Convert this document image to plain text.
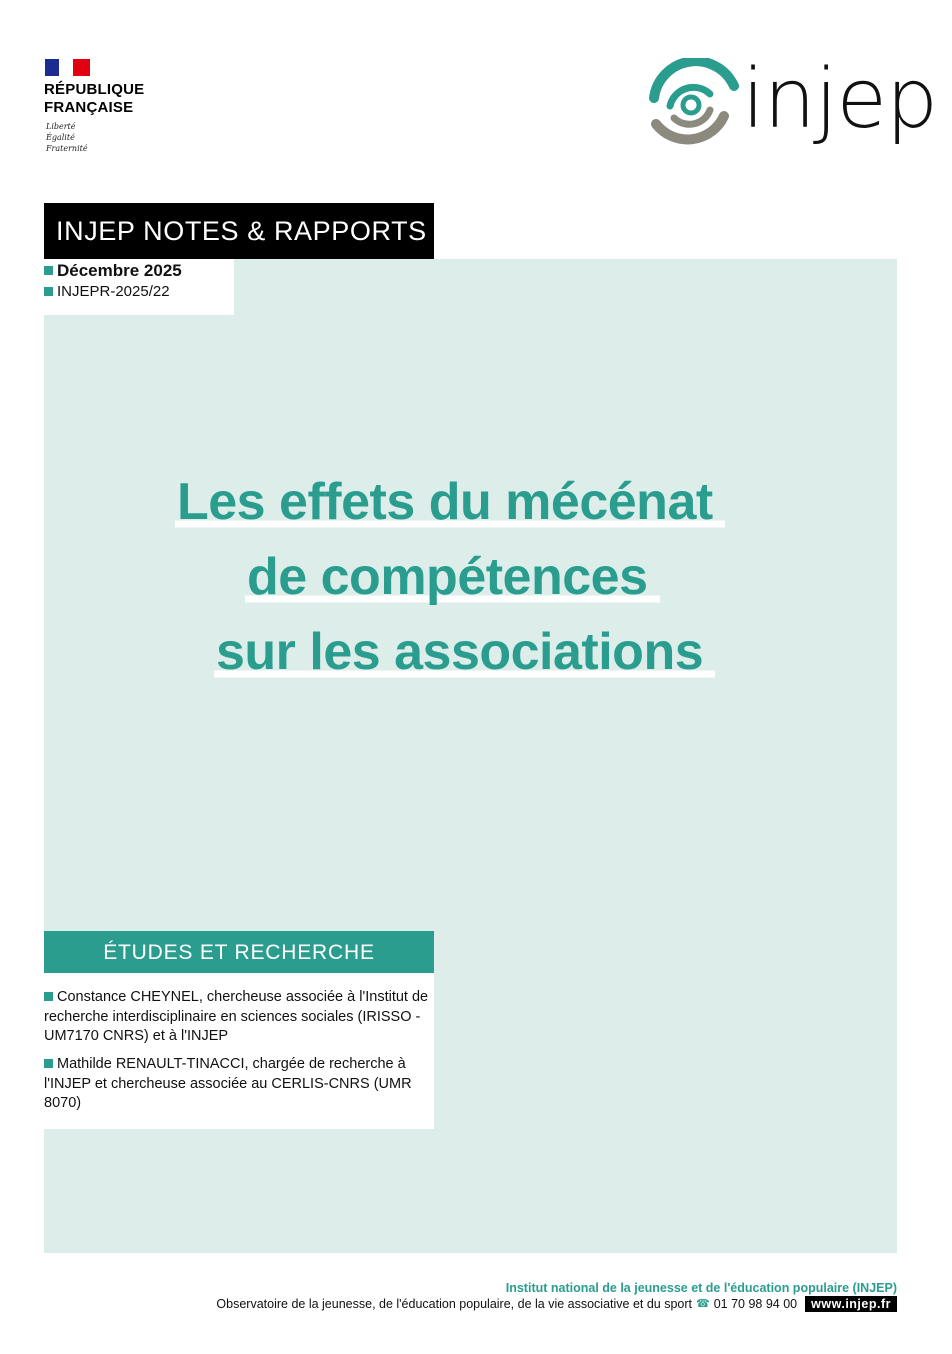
RÉPUBLIQUE
FRANÇAISE
Liberté
Égalité
Fraternité
injep
INJEP NOTES & RAPPORTS
Décembre 2025
INJEPR-2025/22
Les effets du mécénat
de compétences
sur les associations
ÉTUDES ET RECHERCHE
Constance CHEYNEL, chercheuse associée à l'Institut de recherche interdisciplinaire en sciences sociales (IRISSO - UM7170 CNRS) et à l'INJEP
Mathilde RENAULT-TINACCI, chargée de recherche à l'INJEP et chercheuse associée au CERLIS-CNRS (UMR 8070)
Institut national de la jeunesse et de l'éducation populaire (INJEP)
Observatoire de la jeunesse, de l'éducation populaire, de la vie associative et du sport ☎ 01 70 98 94 00	www.injep.fr
